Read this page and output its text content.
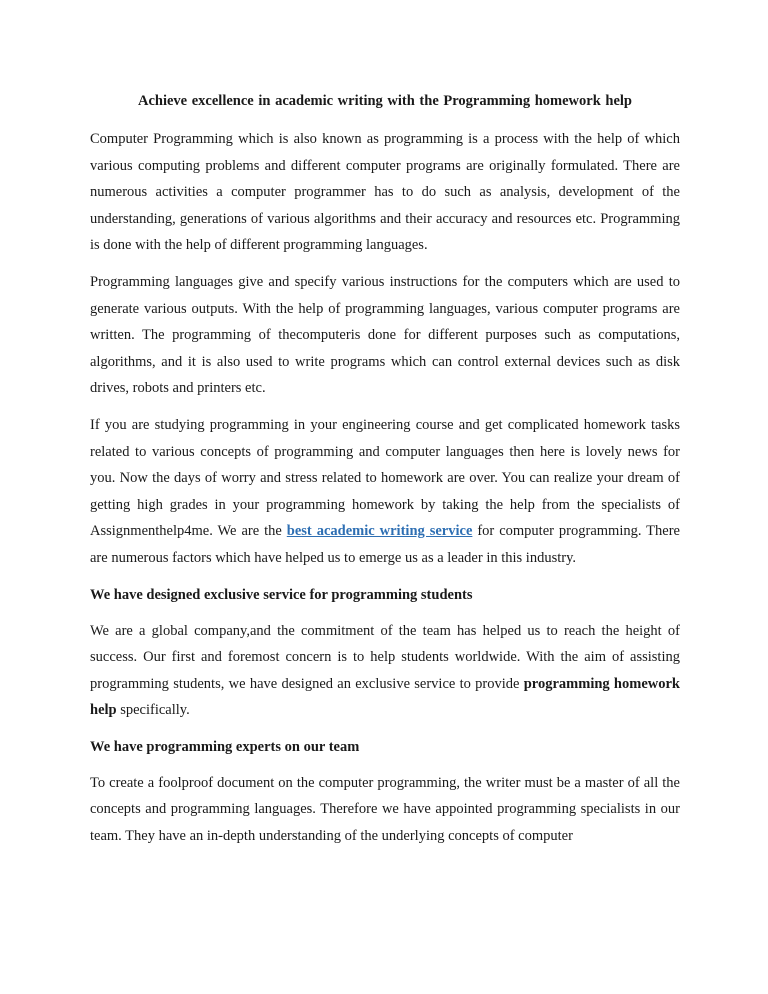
Achieve excellence in academic writing with the Programming homework help

Computer Programming which is also known as programming is a process with the help of which various computing problems and different computer programs are originally formulated. There are numerous activities a computer programmer has to do such as analysis, development of the understanding, generations of various algorithms and their accuracy and resources etc. Programming is done with the help of different programming languages.

Programming languages give and specify various instructions for the computers which are used to generate various outputs. With the help of programming languages, various computer programs are written. The programming of thecomputeris done for different purposes such as computations, algorithms, and it is also used to write programs which can control external devices such as disk drives, robots and printers etc.

If you are studying programming in your engineering course and get complicated homework tasks related to various concepts of programming and computer languages then here is lovely news for you. Now the days of worry and stress related to homework are over. You can realize your dream of getting high grades in your programming homework by taking the help from the specialists of Assignmenthelp4me. We are the best academic writing service for computer programming. There are numerous factors which have helped us to emerge us as a leader in this industry.

We have designed exclusive service for programming students

We are a global company,and the commitment of the team has helped us to reach the height of success. Our first and foremost concern is to help students worldwide. With the aim of assisting programming students, we have designed an exclusive service to provide programming homework help specifically.

We have programming experts on our team

To create a foolproof document on the computer programming, the writer must be a master of all the concepts and programming languages. Therefore we have appointed programming specialists in our team. They have an in-depth understanding of the underlying concepts of computer
